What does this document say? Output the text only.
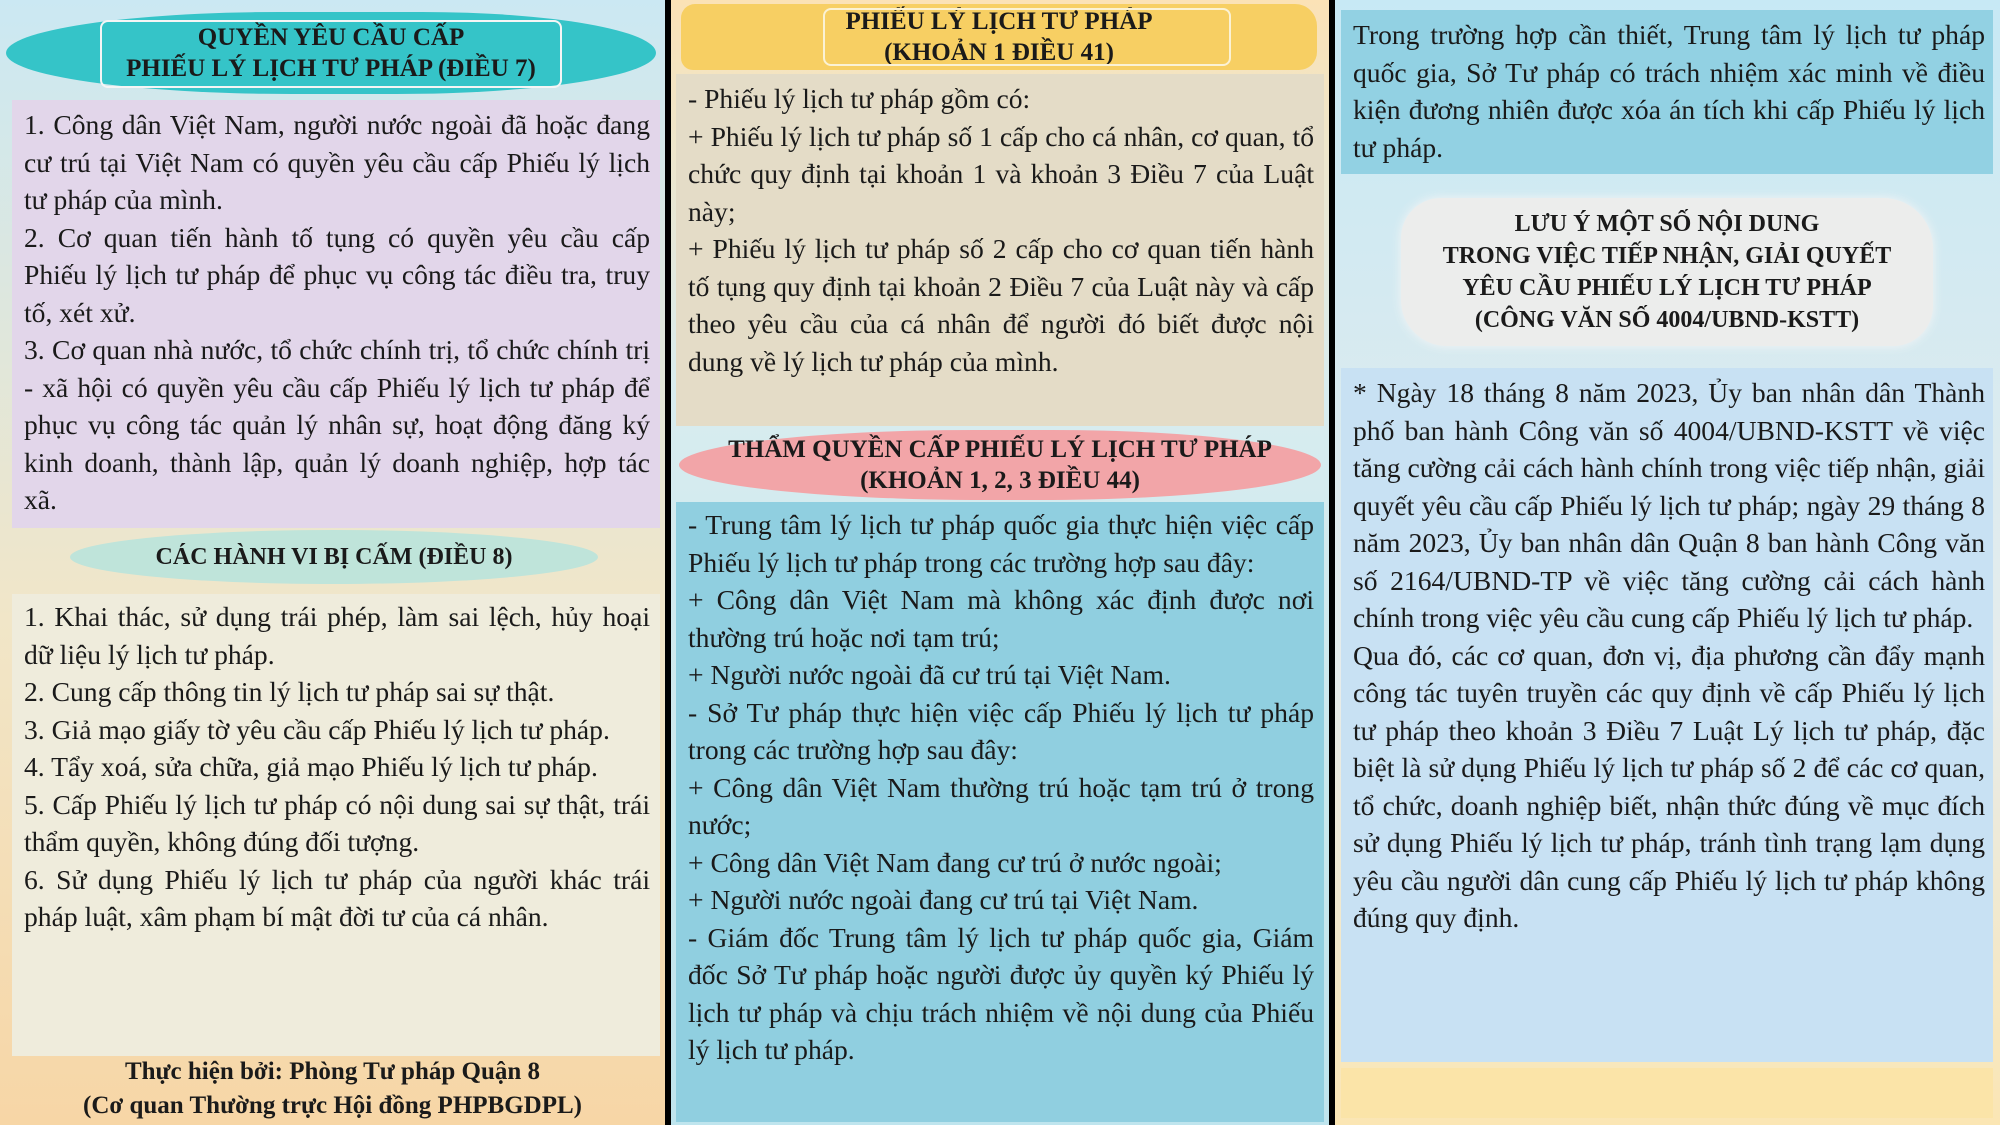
QUYỀN YÊU CẦU CẤP
PHIẾU LÝ LỊCH TƯ PHÁP (ĐIỀU 7)

1. Công dân Việt Nam, người nước ngoài đã hoặc đang cư trú tại Việt Nam có quyền yêu cầu cấp Phiếu lý lịch tư pháp của mình.

2. Cơ quan tiến hành tố tụng có quyền yêu cầu cấp Phiếu lý lịch tư pháp để phục vụ công tác điều tra, truy tố, xét xử.

3. Cơ quan nhà nước, tổ chức chính trị, tổ chức chính trị - xã hội có quyền yêu cầu cấp Phiếu lý lịch tư pháp để phục vụ công tác quản lý nhân sự, hoạt động đăng ký kinh doanh, thành lập, quản lý doanh nghiệp, hợp tác xã.

CÁC HÀNH VI BỊ CẤM (ĐIỀU 8)

1. Khai thác, sử dụng trái phép, làm sai lệch, hủy hoại dữ liệu lý lịch tư pháp.

2. Cung cấp thông tin lý lịch tư pháp sai sự thật.

3. Giả mạo giấy tờ yêu cầu cấp Phiếu lý lịch tư pháp.

4. Tẩy xoá, sửa chữa, giả mạo Phiếu lý lịch tư pháp.

5. Cấp Phiếu lý lịch tư pháp có nội dung sai sự thật, trái thẩm quyền, không đúng đối tượng.

6. Sử dụng Phiếu lý lịch tư pháp của người khác trái pháp luật, xâm phạm bí mật đời tư của cá nhân.

Thực hiện bởi: Phòng Tư pháp Quận 8
(Cơ quan Thường trực Hội đồng PHPBGDPL)
PHIẾU LÝ LỊCH TƯ PHÁP
(KHOẢN 1 ĐIỀU 41)

- Phiếu lý lịch tư pháp gồm có:

+ Phiếu lý lịch tư pháp số 1 cấp cho cá nhân, cơ quan, tổ chức quy định tại khoản 1 và khoản 3 Điều 7 của Luật này;

+ Phiếu lý lịch tư pháp số 2 cấp cho cơ quan tiến hành tố tụng quy định tại khoản 2 Điều 7 của Luật này và cấp theo yêu cầu của cá nhân để người đó biết được nội dung về lý lịch tư pháp của mình.

THẨM QUYỀN CẤP PHIẾU LÝ LỊCH TƯ PHÁP
(KHOẢN 1, 2, 3 ĐIỀU 44)

- Trung tâm lý lịch tư pháp quốc gia thực hiện việc cấp Phiếu lý lịch tư pháp trong các trường hợp sau đây:

+ Công dân Việt Nam mà không xác định được nơi thường trú hoặc nơi tạm trú;

+ Người nước ngoài đã cư trú tại Việt Nam.

- Sở Tư pháp thực hiện việc cấp Phiếu lý lịch tư pháp trong các trường hợp sau đây:

+ Công dân Việt Nam thường trú hoặc tạm trú ở trong nước;

+ Công dân Việt Nam đang cư trú ở nước ngoài;

+ Người nước ngoài đang cư trú tại Việt Nam.

- Giám đốc Trung tâm lý lịch tư pháp quốc gia, Giám đốc Sở Tư pháp hoặc người được ủy quyền ký Phiếu lý lịch tư pháp và chịu trách nhiệm về nội dung của Phiếu lý lịch tư pháp.

Trong trường hợp cần thiết, Trung tâm lý lịch tư pháp quốc gia, Sở Tư pháp có trách nhiệm xác minh về điều kiện đương nhiên được xóa án tích khi cấp Phiếu lý lịch tư pháp.

LƯU Ý MỘT SỐ NỘI DUNG
TRONG VIỆC TIẾP NHẬN, GIẢI QUYẾT
YÊU CẦU PHIẾU LÝ LỊCH TƯ PHÁP
(CÔNG VĂN SỐ 4004/UBND-KSTT)

* Ngày 18 tháng 8 năm 2023, Ủy ban nhân dân Thành phố ban hành Công văn số 4004/UBND-KSTT về việc tăng cường cải cách hành chính trong việc tiếp nhận, giải quyết yêu cầu cấp Phiếu lý lịch tư pháp; ngày 29 tháng 8 năm 2023, Ủy ban nhân dân Quận 8 ban hành Công văn số 2164/UBND-TP về việc tăng cường cải cách hành chính trong việc yêu cầu cung cấp Phiếu lý lịch tư pháp.

Qua đó, các cơ quan, đơn vị, địa phương cần đẩy mạnh công tác tuyên truyền các quy định về cấp Phiếu lý lịch tư pháp theo khoản 3 Điều 7 Luật Lý lịch tư pháp, đặc biệt là sử dụng Phiếu lý lịch tư pháp số 2 để các cơ quan, tổ chức, doanh nghiệp biết, nhận thức đúng về mục đích sử dụng Phiếu lý lịch tư pháp, tránh tình trạng lạm dụng yêu cầu người dân cung cấp Phiếu lý lịch tư pháp không đúng quy định.
